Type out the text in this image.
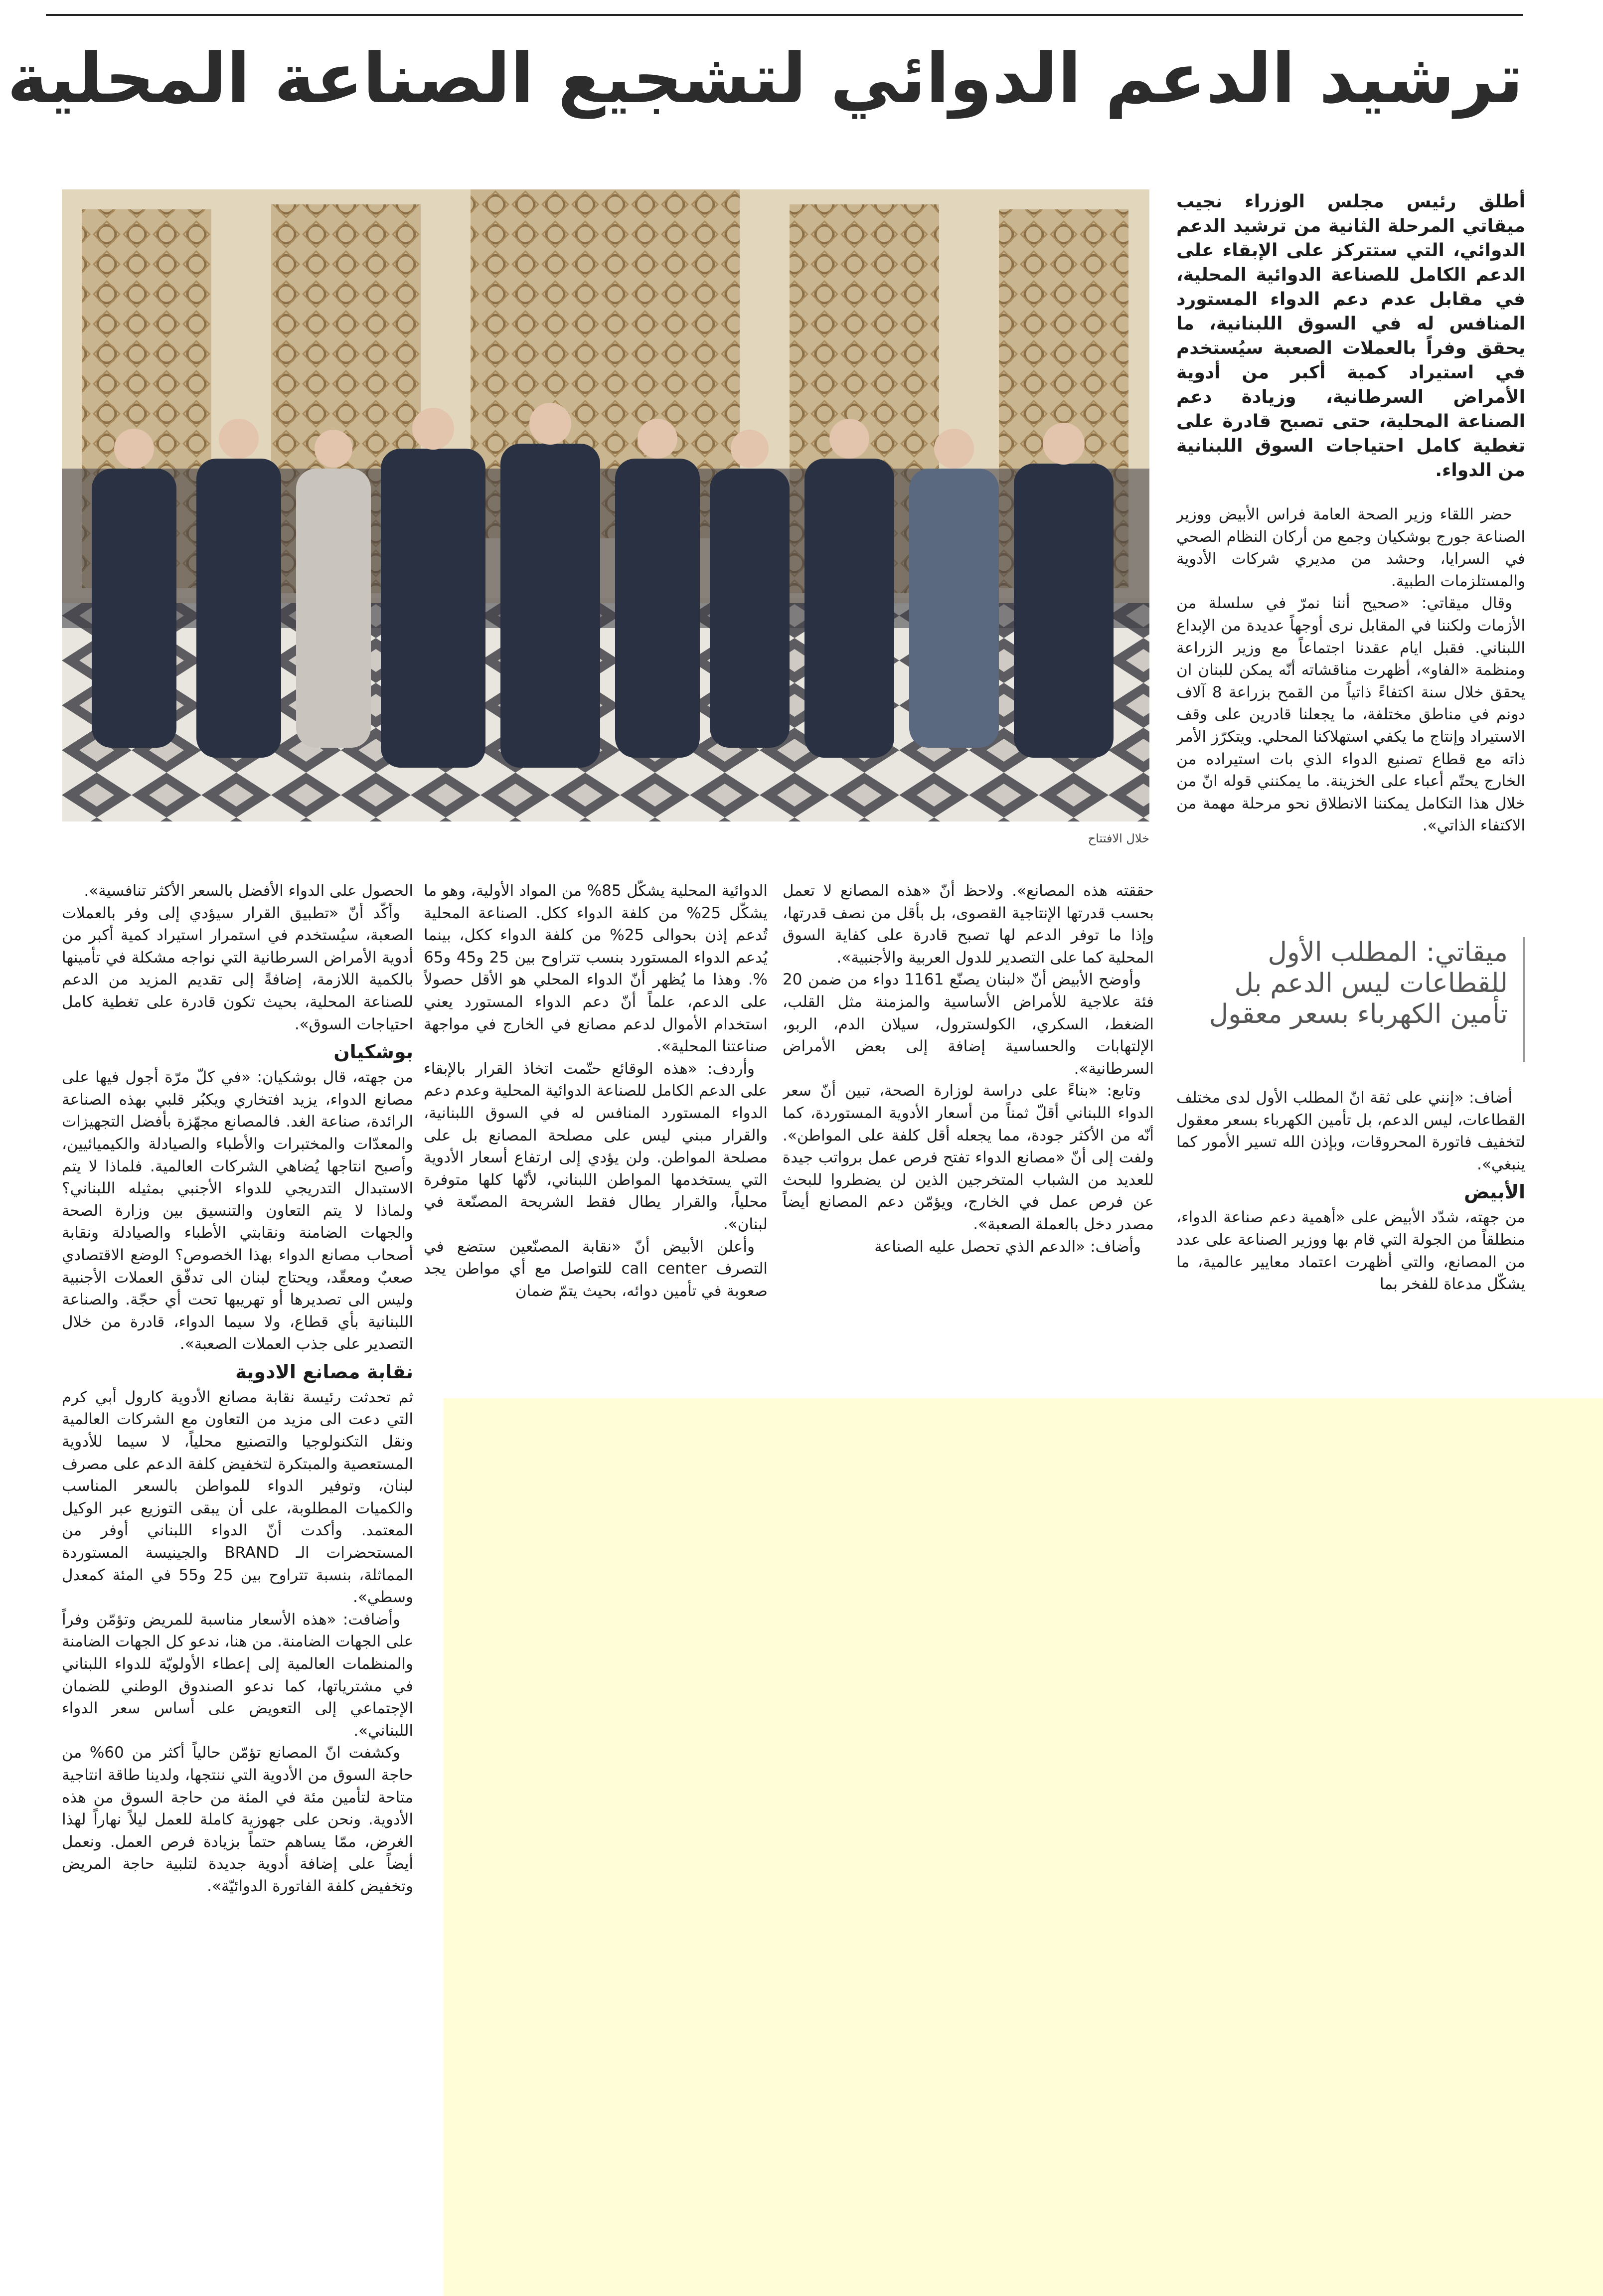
ترشيد الدعم الدوائي لتشجيع الصناعة المحلية
خلال الافتتاح
أطلق رئيس مجلس الوزراء نجيب ميقاتي المرحلة الثانية من ترشيد الدعم الدوائي، التي ستتركز على الإبقاء على الدعم الكامل للصناعة الدوائية المحلية، في مقابل عدم دعم الدواء المستورد المنافس له في السوق اللبنانية، ما يحقق وفراً بالعملات الصعبة سيُستخدم في استيراد كمية أكبر من أدوية الأمراض السرطانية، وزيادة دعم الصناعة المحلية، حتى تصبح قادرة على تغطية كامل احتياجات السوق اللبنانية من الدواء.

حضر اللقاء وزير الصحة العامة فراس الأبيض ووزير الصناعة جورج بوشكيان وجمع من أركان النظام الصحي في السرايا، وحشد من مديري شركات الأدوية والمستلزمات الطبية.

وقال ميقاتي: «صحيح أننا نمرّ في سلسلة من الأزمات ولكننا في المقابل نرى أوجهاً عديدة من الإبداع اللبناني. فقبل ايام عقدنا اجتماعاً مع وزير الزراعة ومنظمة «الفاو»، أظهرت مناقشاته أنّه يمكن للبنان ان يحقق خلال سنة اكتفاءً ذاتياً من القمح بزراعة 8 آلاف دونم في مناطق مختلفة، ما يجعلنا قادرين على وقف الاستيراد وإنتاج ما يكفي استهلاكنا المحلي. ويتكرّز الأمر ذاته مع قطاع تصنيع الدواء الذي بات استيراده من الخارج يحتّم أعباء على الخزينة. ما يمكنني قوله انّ من خلال هذا التكامل يمكننا الانطلاق نحو مرحلة مهمة من الاكتفاء الذاتي».

ميقاتي: المطلب الأول للقطاعات ليس الدعم بل تأمين الكهرباء بسعر معقول

أضاف: «إنني على ثقة انّ المطلب الأول لدى مختلف القطاعات، ليس الدعم، بل تأمين الكهرباء بسعر معقول لتخفيف فاتورة المحروقات، وبإذن الله تسير الأمور كما ينبغي».

الأبيض

من جهته، شدّد الأبيض على «أهمية دعم صناعة الدواء، منطلقاً من الجولة التي قام بها ووزير الصناعة على عدد من المصانع، والتي أظهرت اعتماد معايير عالمية، ما يشكّل مدعاة للفخر بما

حققته هذه المصانع». ولاحظ أنّ «هذه المصانع لا تعمل بحسب قدرتها الإنتاجية القصوى، بل بأقل من نصف قدرتها، وإذا ما توفر الدعم لها تصبح قادرة على كفاية السوق المحلية كما على التصدير للدول العربية والأجنبية».

وأوضح الأبيض أنّ «لبنان يصنّع 1161 دواء من ضمن 20 فئة علاجية للأمراض الأساسية والمزمنة مثل القلب، الضغط، السكري، الكولسترول، سيلان الدم، الربو، الإلتهابات والحساسية إضافة إلى بعض الأمراض السرطانية».

وتابع: «بناءً على دراسة لوزارة الصحة، تبين أنّ سعر الدواء اللبناني أقلّ ثمناً من أسعار الأدوية المستوردة، كما أنّه من الأكثر جودة، مما يجعله أقل كلفة على المواطن». ولفت إلى أنّ «مصانع الدواء تفتح فرص عمل برواتب جيدة للعديد من الشباب المتخرجين الذين لن يضطروا للبحث عن فرص عمل في الخارج، ويؤمّن دعم المصانع أيضاً مصدر دخل بالعملة الصعبة».

وأضاف: «الدعم الذي تحصل عليه الصناعة

الدوائية المحلية يشكّل 85% من المواد الأولية، وهو ما يشكّل 25% من كلفة الدواء ككل. الصناعة المحلية تُدعم إذن بحوالى 25% من كلفة الدواء ككل، بينما يُدعم الدواء المستورد بنسب تتراوح بين 25 و45 و65 %. وهذا ما يُظهر أنّ الدواء المحلي هو الأقل حصولاً على الدعم، علماً أنّ دعم الدواء المستورد يعني استخدام الأموال لدعم مصانع في الخارج في مواجهة صناعتنا المحلية».

وأردف: «هذه الوقائع حتّمت اتخاذ القرار بالإبقاء على الدعم الكامل للصناعة الدوائية المحلية وعدم دعم الدواء المستورد المنافس له في السوق اللبنانية، والقرار مبني ليس على مصلحة المصانع بل على مصلحة المواطن. ولن يؤدي إلى ارتفاع أسعار الأدوية التي يستخدمها المواطن اللبناني، لأنّها كلها متوفرة محلياً، والقرار يطال فقط الشريحة المصنّعة في لبنان».

وأعلن الأبيض أنّ «نقابة المصنّعين ستضع في التصرف call center للتواصل مع أي مواطن يجد صعوبة في تأمين دوائه، بحيث يتمّ ضمان

الحصول على الدواء الأفضل بالسعر الأكثر تنافسية».

وأكّد أنّ «تطبيق القرار سيؤدي إلى وفر بالعملات الصعبة، سيُستخدم في استمرار استيراد كمية أكبر من أدوية الأمراض السرطانية التي نواجه مشكلة في تأمينها بالكمية اللازمة، إضافةً إلى تقديم المزيد من الدعم للصناعة المحلية، بحيث تكون قادرة على تغطية كامل احتياجات السوق».

بوشكيان

من جهته، قال بوشكيان: «في كلّ مرّة أجول فيها على مصانع الدواء، يزيد افتخاري ويكبُر قلبي بهذه الصناعة الرائدة، صناعة الغد. فالمصانع مجهّزة بأفضل التجهيزات والمعدّات والمختبرات والأطباء والصيادلة والكيميائيين، وأصبح انتاجها يُضاهي الشركات العالمية. فلماذا لا يتم الاستبدال التدريجي للدواء الأجنبي بمثيله اللبناني؟ ولماذا لا يتم التعاون والتنسيق بين وزارة الصحة والجهات الضامنة ونقابتي الأطباء والصيادلة ونقابة أصحاب مصانع الدواء بهذا الخصوص؟ الوضع الاقتصادي صعبٌ ومعقّد، ويحتاج لبنان الى تدفّق العملات الأجنبية وليس الى تصديرها أو تهريبها تحت أي حجّة. والصناعة اللبنانية بأي قطاع، ولا سيما الدواء، قادرة من خلال التصدير على جذب العملات الصعبة».

نقابة مصانع الادوية

ثم تحدثت رئيسة نقابة مصانع الأدوية كارول أبي كرم التي دعت الى مزيد من التعاون مع الشركات العالمية ونقل التكنولوجيا والتصنيع محلياً، لا سيما للأدوية المستعصية والمبتكرة لتخفيض كلفة الدعم على مصرف لبنان، وتوفير الدواء للمواطن بالسعر المناسب والكميات المطلوبة، على أن يبقى التوزيع عبر الوكيل المعتمد. وأكدت أنّ الدواء اللبناني أوفر من المستحضرات الـ BRAND والجينيسة المستوردة المماثلة، بنسبة تتراوح بين 25 و55 في المئة كمعدل وسطي».

وأضافت: «هذه الأسعار مناسبة للمريض وتؤمّن وفراً على الجهات الضامنة. من هنا، ندعو كل الجهات الضامنة والمنظمات العالمية إلى إعطاء الأولويّة للدواء اللبناني في مشترياتها، كما ندعو الصندوق الوطني للضمان الإجتماعي إلى التعويض على أساس سعر الدواء اللبناني».

وكشفت انّ المصانع تؤمّن حالياً أكثر من 60% من حاجة السوق من الأدوية التي ننتجها، ولدينا طاقة انتاجية متاحة لتأمين مئة في المئة من حاجة السوق من هذه الأدوية. ونحن على جهوزية كاملة للعمل ليلاً نهاراً لهذا الغرض، ممّا يساهم حتماً بزيادة فرص العمل. ونعمل أيضاً على إضافة أدوية جديدة لتلبية حاجة المريض وتخفيض كلفة الفاتورة الدوائيّة».
